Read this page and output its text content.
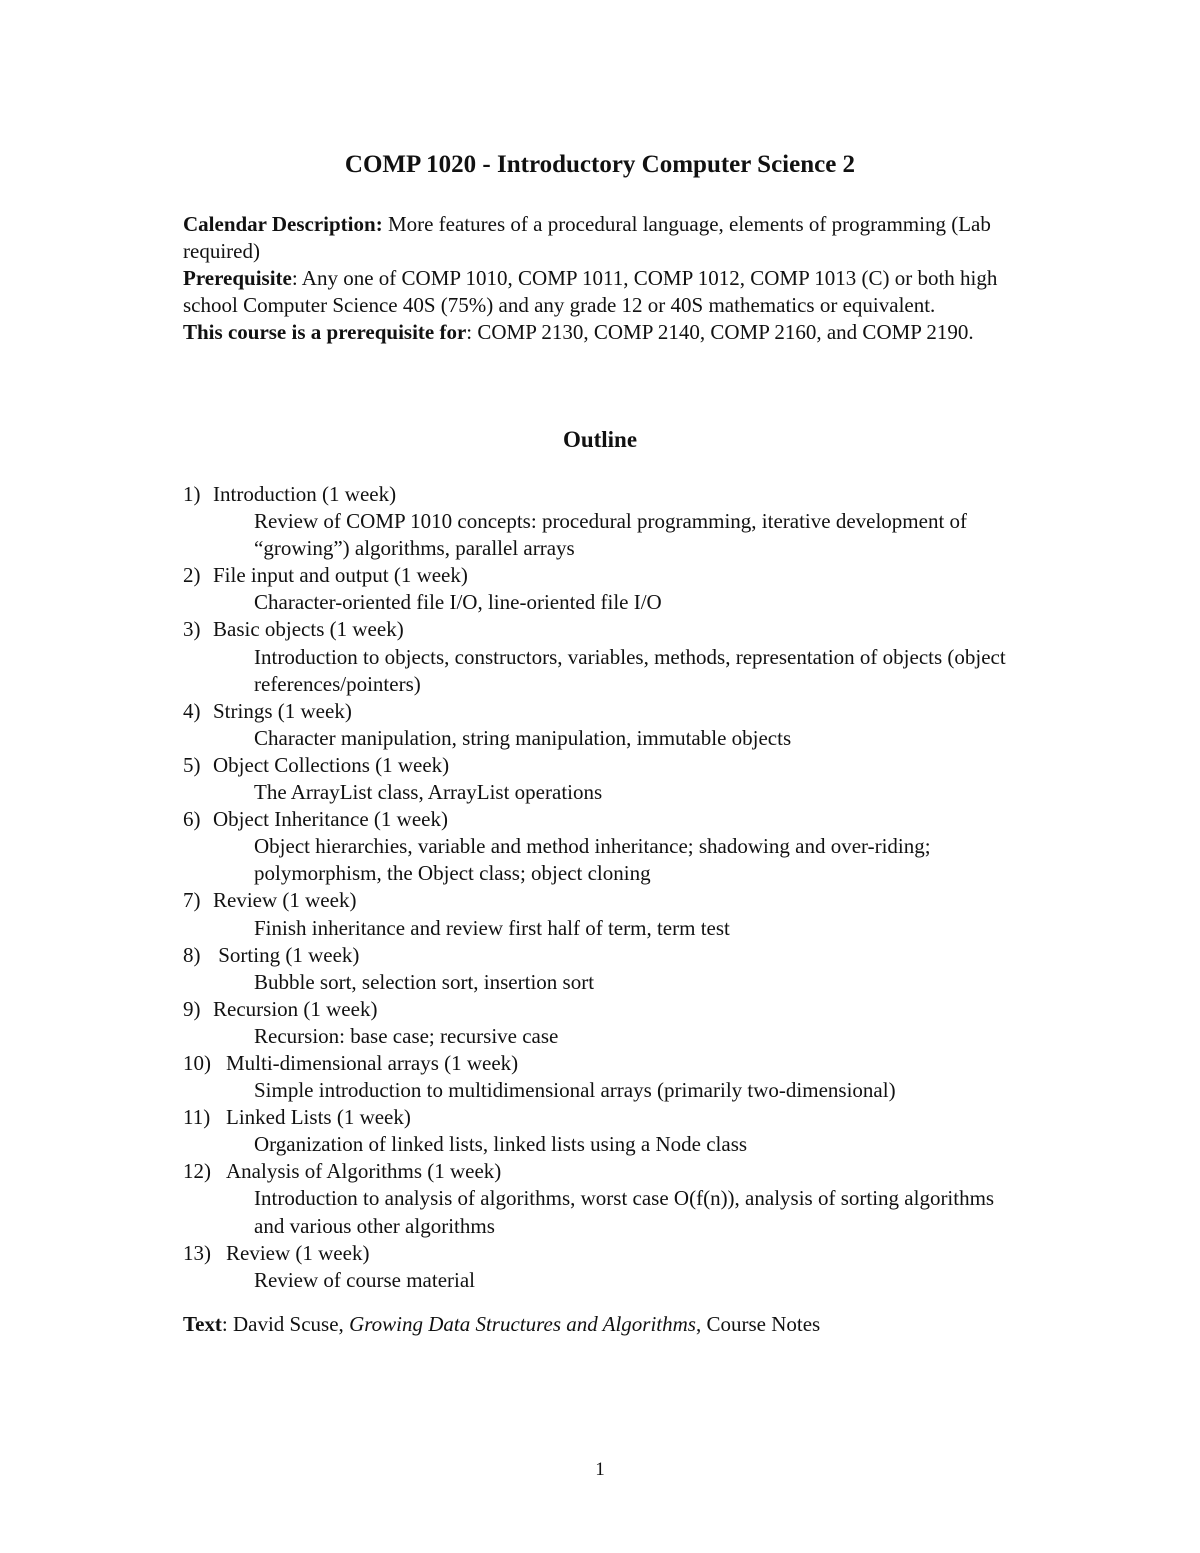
COMP 1020 - Introductory Computer Science 2

Calendar Description: More features of a procedural language, elements of programming (Lab required)

Prerequisite: Any one of COMP 1010, COMP 1011, COMP 1012, COMP 1013 (C) or both high school Computer Science 40S (75%) and any grade 12 or 40S mathematics or equivalent.

This course is a prerequisite for: COMP 2130, COMP 2140, COMP 2160, and COMP 2190.

Outline
1) Introduction (1 week)
Review of COMP 1010 concepts: procedural programming, iterative development of “growing”) algorithms, parallel arrays
2) File input and output (1 week)
Character-oriented file I/O, line-oriented file I/O
3) Basic objects (1 week)
Introduction to objects, constructors, variables, methods, representation of objects (object references/pointers)
4) Strings (1 week)
Character manipulation, string manipulation, immutable objects
5) Object Collections (1 week)
The ArrayList class, ArrayList operations
6) Object Inheritance (1 week)
Object hierarchies, variable and method inheritance; shadowing and over-riding; polymorphism, the Object class; object cloning
7) Review (1 week)
Finish inheritance and review first half of term, term test
8) Sorting (1 week)
Bubble sort, selection sort, insertion sort
9) Recursion (1 week)
Recursion: base case; recursive case
10) Multi-dimensional arrays (1 week)
Simple introduction to multidimensional arrays (primarily two-dimensional)
11) Linked Lists (1 week)
Organization of linked lists, linked lists using a Node class
12) Analysis of Algorithms (1 week)
Introduction to analysis of algorithms, worst case O(f(n)), analysis of sorting algorithms and various other algorithms
13) Review (1 week)
Review of course material
Text: David Scuse, Growing Data Structures and Algorithms, Course Notes
1
